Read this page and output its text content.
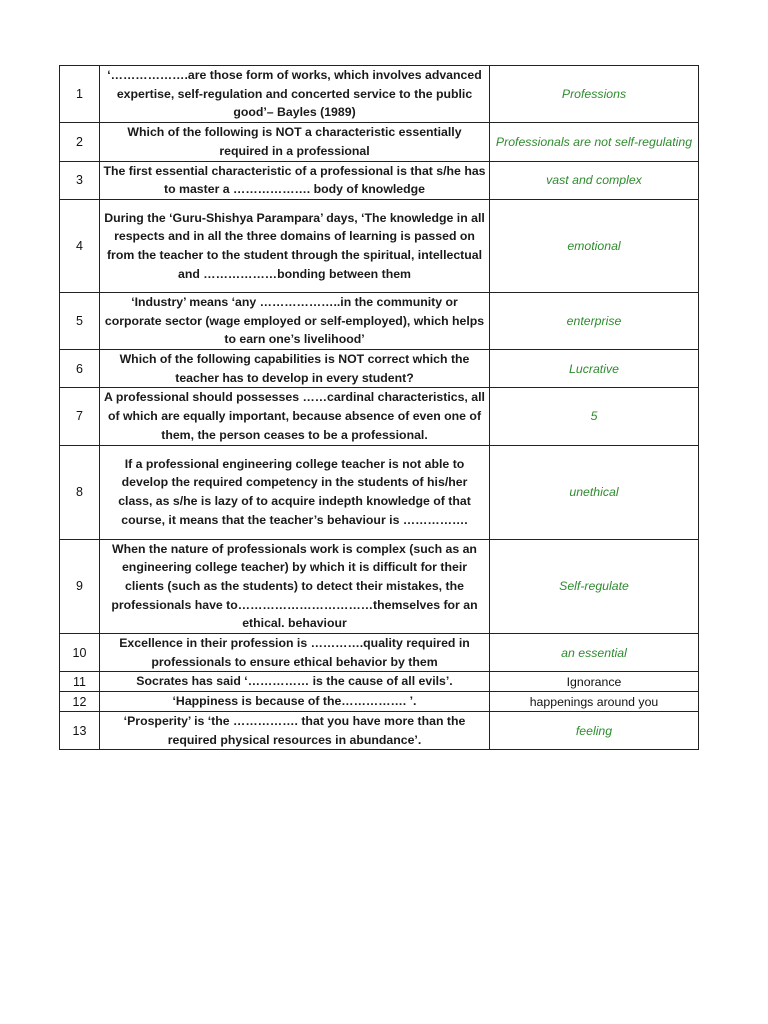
1	‘……………….are those form of works, which involves advanced expertise, self-regulation and concerted service to the public good’– Bayles (1989)	Professions
2	Which of the following is NOT a characteristic essentially required in a professional	Professionals are not self-regulating
3	The first essential characteristic of a professional is that s/he has to master a ………………. body of knowledge	vast and complex
4	During the ‘Guru-Shishya Parampara’ days, ‘The knowledge in all respects and in all the three domains of learning is passed on from the teacher to the student through the spiritual, intellectual and ………………bonding between them	emotional
5	‘Industry’ means ‘any ………………..in the community or corporate sector (wage employed or self-employed), which helps to earn one’s livelihood’	enterprise
6	Which of the following capabilities is NOT correct which the teacher has to develop in every student?	Lucrative
7	A professional should possesses ……cardinal characteristics, all of which are equally important, because absence of even one of them, the person ceases to be a professional.	5
8	If a professional engineering college teacher is not able to develop the required competency in the students of his/her class, as s/he is lazy of to acquire indepth knowledge of that course, it means that the teacher’s behaviour is …………….	unethical
9	When the nature of professionals work is complex (such as an engineering college teacher) by which it is difficult for their clients (such as the students) to detect their mistakes, the professionals have to……………………………themselves for an ethical. behaviour	Self-regulate
10	Excellence in their profession is ………….quality required in professionals to ensure ethical behavior by them	an essential
11	Socrates has said ‘…………… is the cause of all evils’.	Ignorance
12	‘Happiness is because of the……………. ’.	happenings around you
13	‘Prosperity’ is ‘the ……………. that you have more than the required physical resources in abundance’.	feeling
